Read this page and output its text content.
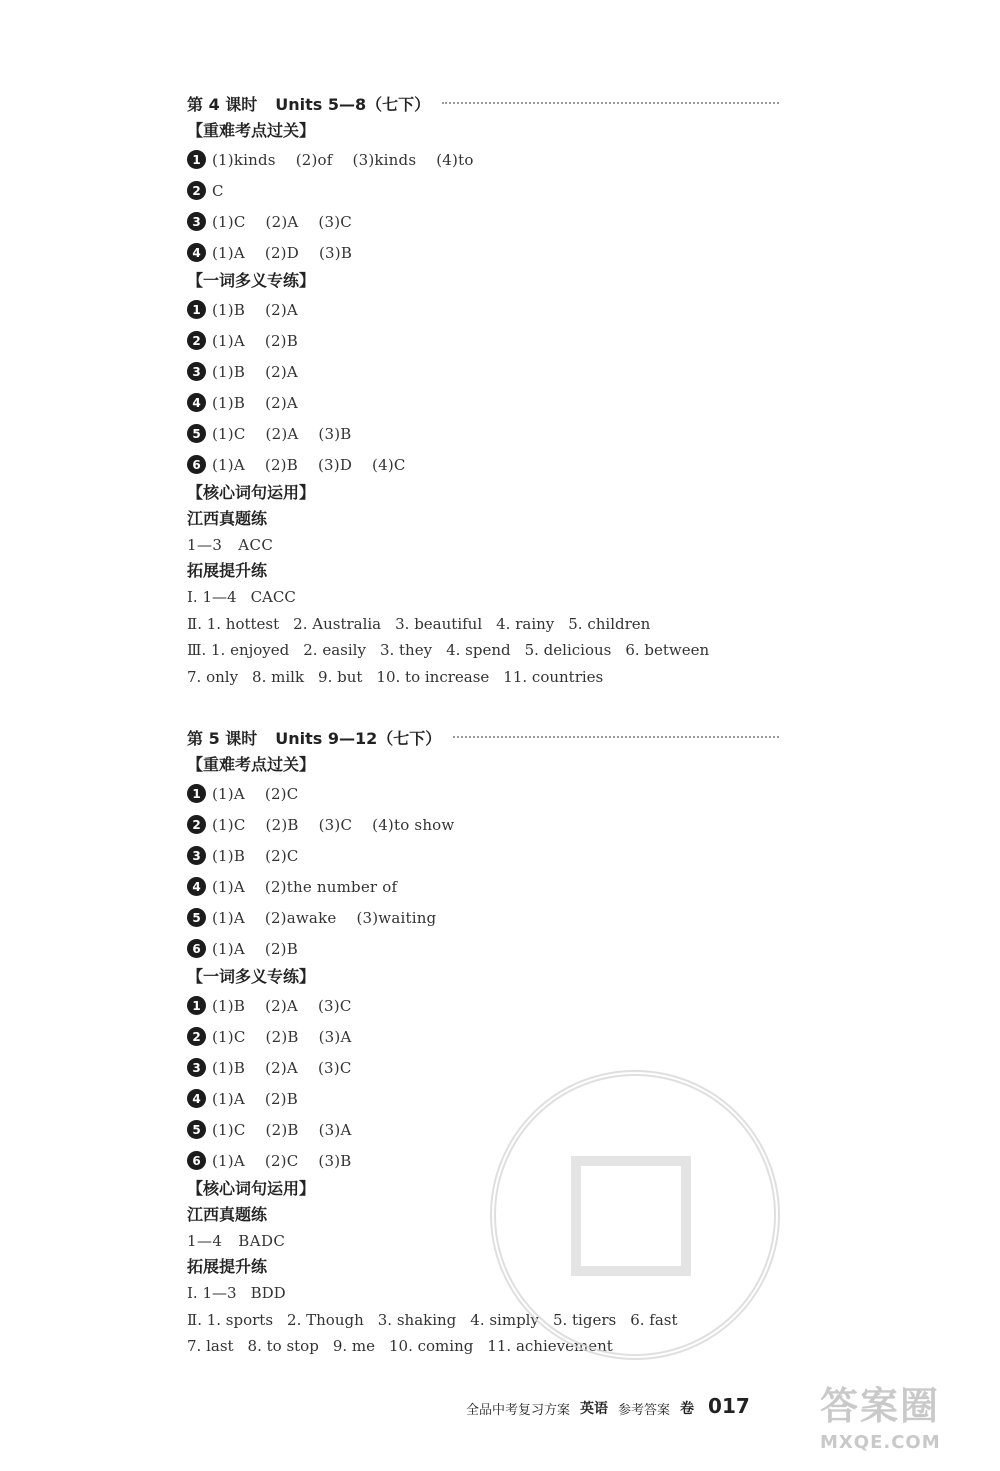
第 4 课时 Units 5—8（七下）
【重难考点过关】
1 (1)kinds (2)of (3)kinds (4)to
2 C
3 (1)C (2)A (3)C
4 (1)A (2)D (3)B
【一词多义专练】
1 (1)B (2)A
2 (1)A (2)B
3 (1)B (2)A
4 (1)B (2)A
5 (1)C (2)A (3)B
6 (1)A (2)B (3)D (4)C
【核心词句运用】
江西真题练
1—3 ACC
拓展提升练
Ⅰ. 1—4 CACC
Ⅱ. 1. hottest 2. Australia 3. beautiful 4. rainy 5. children
Ⅲ. 1. enjoyed 2. easily 3. they 4. spend 5. delicious 6. between
7. only 8. milk 9. but 10. to increase 11. countries
第 5 课时 Units 9—12（七下）
【重难考点过关】
1 (1)A (2)C
2 (1)C (2)B (3)C (4)to show
3 (1)B (2)C
4 (1)A (2)the number of
5 (1)A (2)awake (3)waiting
6 (1)A (2)B
【一词多义专练】
1 (1)B (2)A (3)C
2 (1)C (2)B (3)A
3 (1)B (2)A (3)C
4 (1)A (2)B
5 (1)C (2)B (3)A
6 (1)A (2)C (3)B
【核心词句运用】
江西真题练
1—4 BADC
拓展提升练
Ⅰ. 1—3 BDD
Ⅱ. 1. sports 2. Though 3. shaking 4. simply 5. tigers 6. fast
7. last 8. to stop 9. me 10. coming 11. achievement
全品中考复习方案 英语 参考答案 卷 017 答案圈
MXQE.COM
